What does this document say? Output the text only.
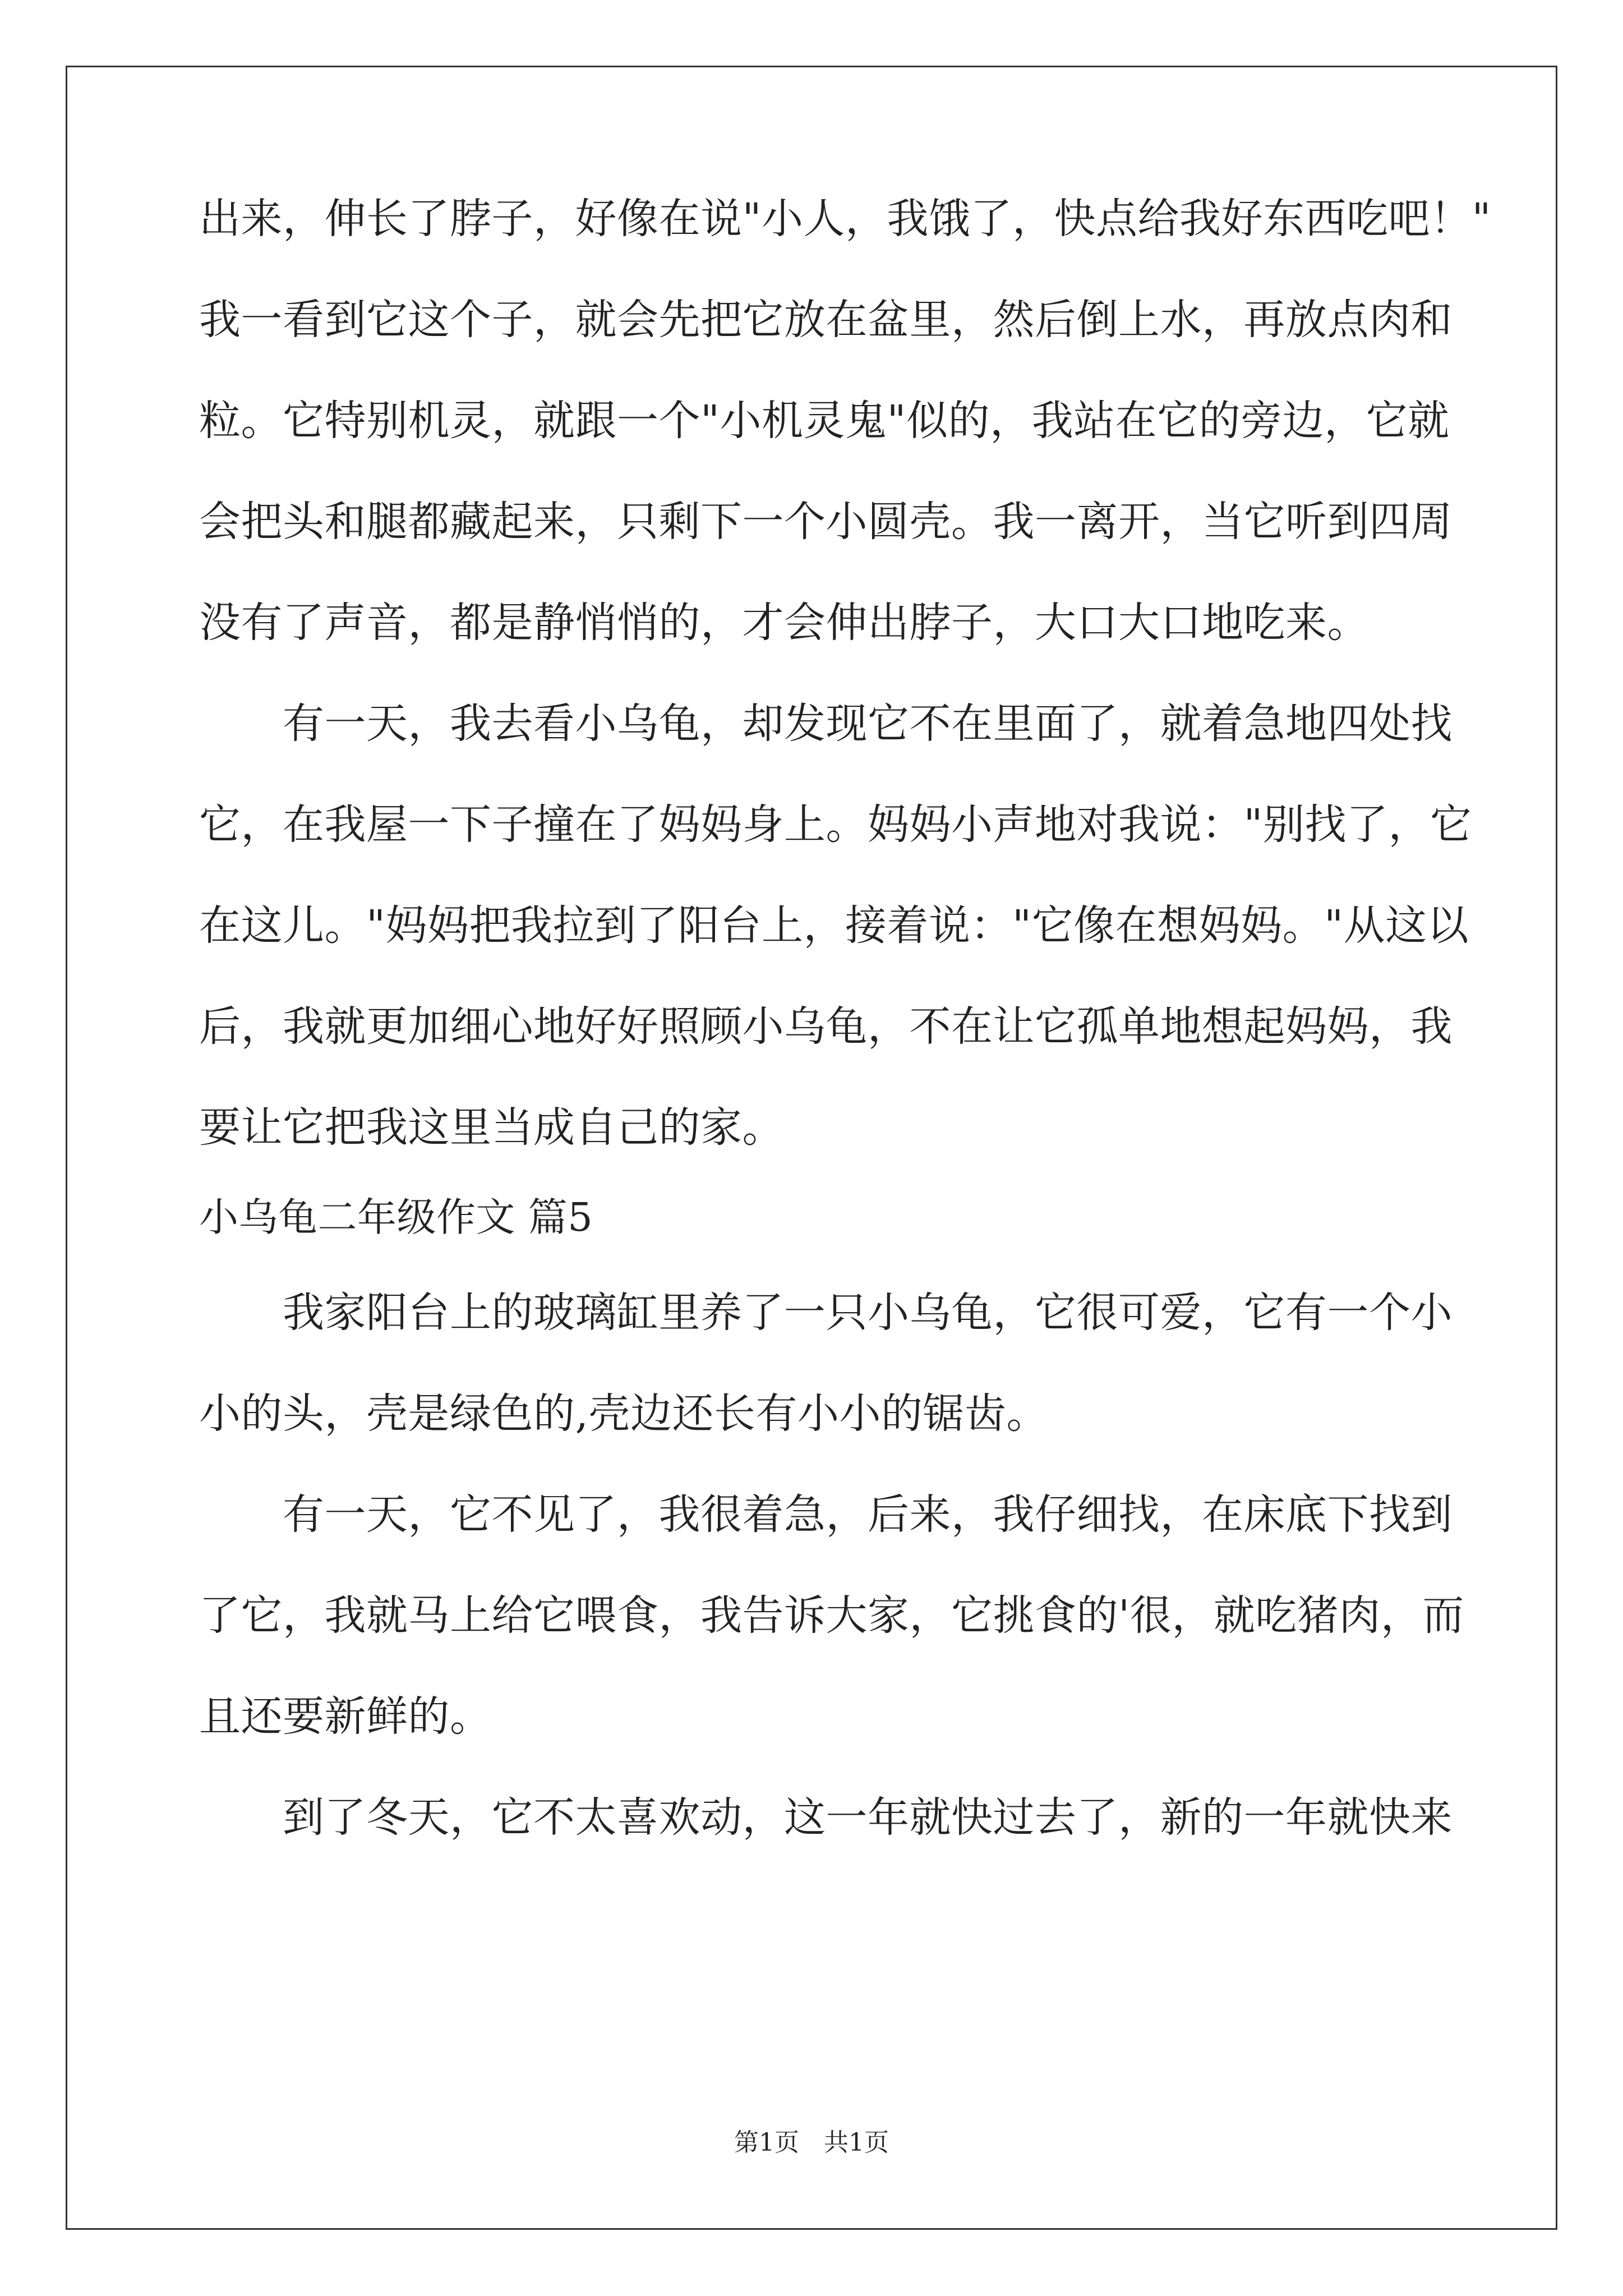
出来，伸长了脖子，好像在说"小人，我饿了，快点给我好东西吃吧！"
我一看到它这个子，就会先把它放在盆里，然后倒上水，再放点肉和
粒。它特别机灵，就跟一个"小机灵鬼"似的，我站在它的旁边，它就
会把头和腿都藏起来，只剩下一个小圆壳。我一离开，当它听到四周
没有了声音，都是静悄悄的，才会伸出脖子，大口大口地吃来。
　　有一天，我去看小乌龟，却发现它不在里面了，就着急地四处找
它，在我屋一下子撞在了妈妈身上。妈妈小声地对我说："别找了，它
在这儿。"妈妈把我拉到了阳台上，接着说："它像在想妈妈。"从这以
后，我就更加细心地好好照顾小乌龟，不在让它孤单地想起妈妈，我
要让它把我这里当成自己的家。
小乌龟二年级作文 篇5
　　我家阳台上的玻璃缸里养了一只小乌龟，它很可爱，它有一个小
小的头，壳是绿色的,壳边还长有小小的锯齿。
　　有一天，它不见了，我很着急，后来，我仔细找，在床底下找到
了它，我就马上给它喂食，我告诉大家，它挑食的'很，就吃猪肉，而
且还要新鲜的。
　　到了冬天，它不太喜欢动，这一年就快过去了，新的一年就快来
第1页　共1页
